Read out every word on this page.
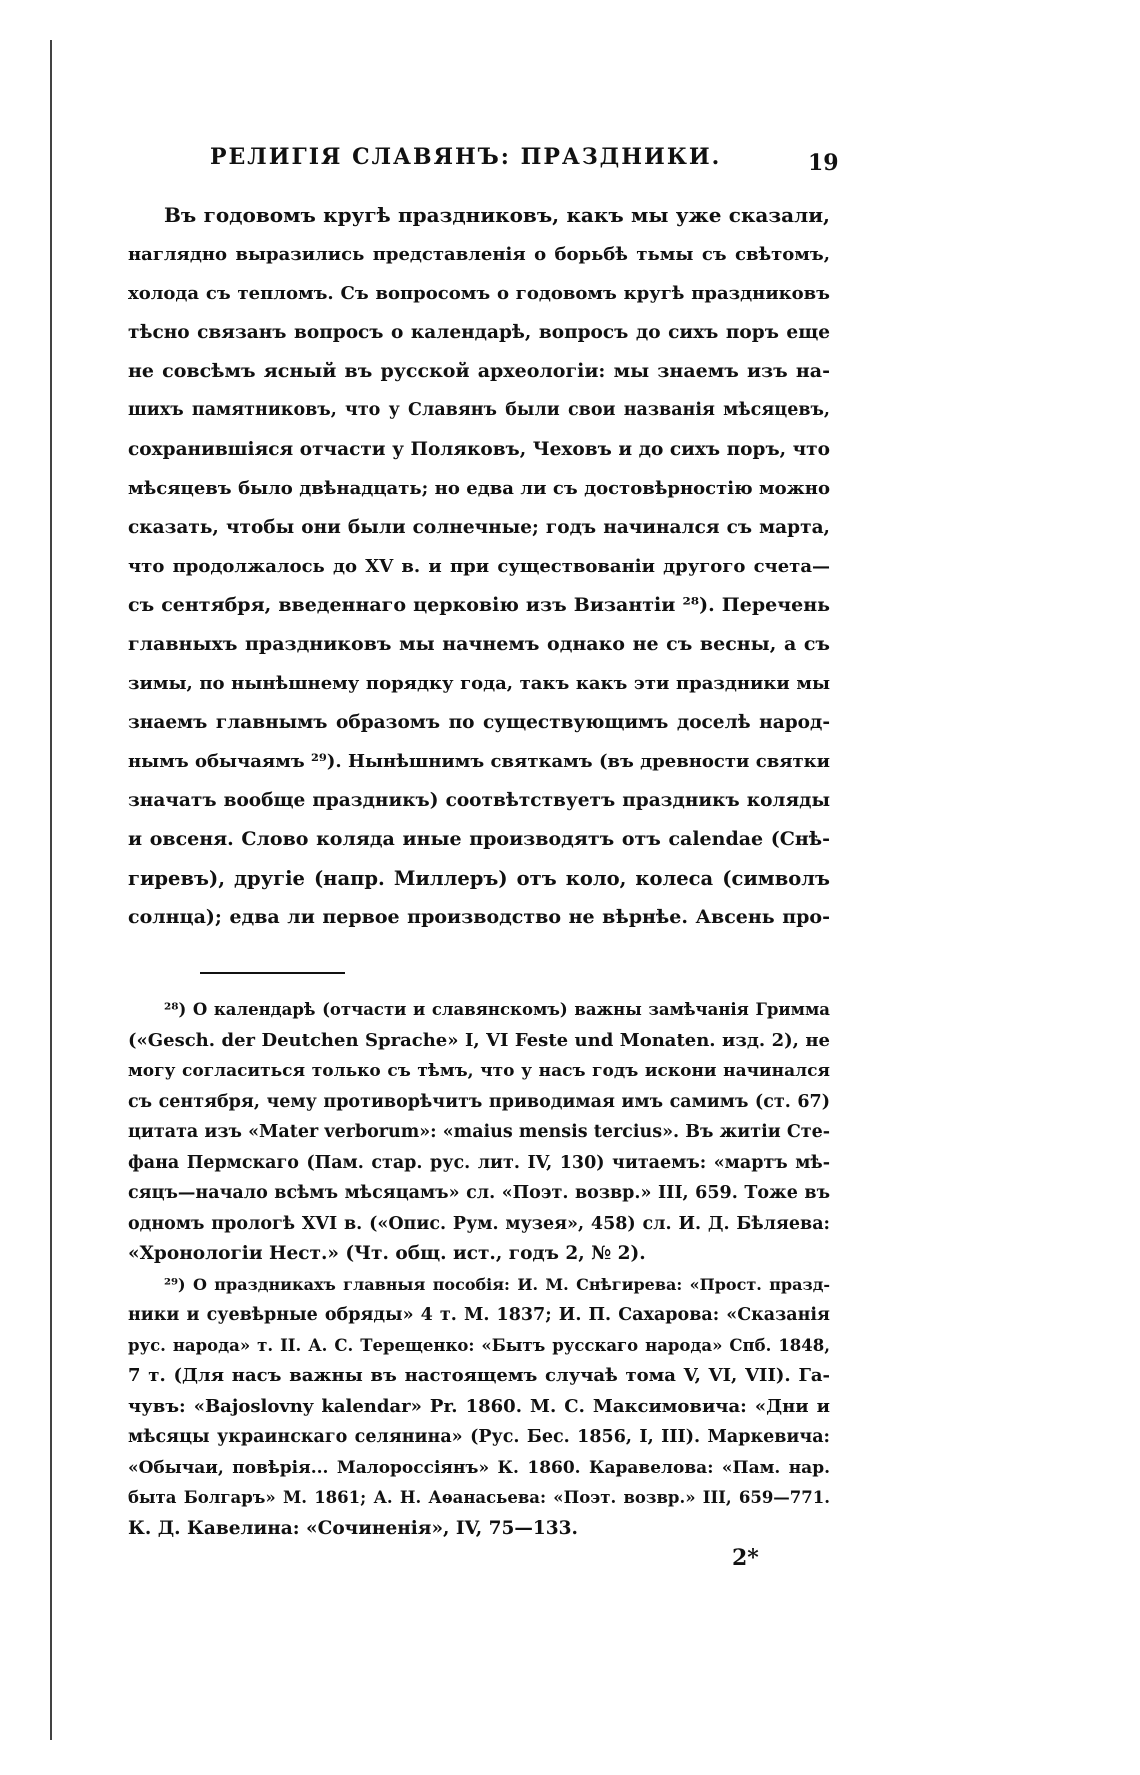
РЕЛИГІЯ СЛАВЯНЪ: ПРАЗДНИКИ.	19
Въ годовомъ кругѣ праздниковъ, какъ мы уже сказали,
наглядно выразились представленія о борьбѣ тьмы съ свѣтомъ,
холода съ тепломъ. Съ вопросомъ о годовомъ кругѣ праздниковъ
тѣсно связанъ вопросъ о календарѣ, вопросъ до сихъ поръ еще
не совсѣмъ ясный въ русской археологіи: мы знаемъ изъ на-
шихъ памятниковъ, что у Славянъ были свои названія мѣсяцевъ,
сохранившіяся отчасти у Поляковъ, Чеховъ и до сихъ поръ, что
мѣсяцевъ было двѣнадцать; но едва ли съ достовѣрностію можно
сказать, чтобы они были солнечные; годъ начинался съ марта,
что продолжалось до XV в. и при существованіи другого счета—
съ сентября, введеннаго церковію изъ Византіи ²⁸). Перечень
главныхъ праздниковъ мы начнемъ однако не съ весны, а съ
зимы, по нынѣшнему порядку года, такъ какъ эти праздники мы
знаемъ главнымъ образомъ по существующимъ доселѣ народ-
нымъ обычаямъ ²⁹). Нынѣшнимъ святкамъ (въ древности святки
значатъ вообще праздникъ) соотвѣтствуетъ праздникъ коляды
и овсеня. Слово коляда иные производятъ отъ calendae (Снѣ-
гиревъ), другіе (напр. Миллеръ) отъ коло, колеса (символъ
солнца); едва ли первое производство не вѣрнѣе. Авсень про-
²⁸) О календарѣ (отчасти и славянскомъ) важны замѣчанія Гримма
(«Gesch. der Deutchen Sprache» I, VI Feste und Monaten. изд. 2), не
могу согласиться только съ тѣмъ, что у насъ годъ искони начинался
съ сентября, чему противорѣчитъ приводимая имъ самимъ (ст. 67)
цитата изъ «Mater verborum»: «maius mensis tercius». Въ житіи Сте-
фана Пермскаго (Пам. стар. рус. лит. IV, 130) читаемъ: «мартъ мѣ-
сяцъ—начало всѣмъ мѣсяцамъ» сл. «Поэт. возвр.» III, 659. Тоже въ
одномъ прологѣ XVI в. («Опис. Рум. музея», 458) сл. И. Д. Бѣляева:
«Хронологіи Нест.» (Чт. общ. ист., годъ 2, № 2).
²⁹) О праздникахъ главныя пособія: И. М. Снѣгирева: «Прост. празд-
ники и суевѣрные обряды» 4 т. М. 1837; И. П. Сахарова: «Сказанія
рус. народа» т. II. А. С. Терещенко: «Бытъ русскаго народа» Спб. 1848,
7 т. (Для насъ важны въ настоящемъ случаѣ тома V, VI, VII). Га-
чувъ: «Bajoslovny kalendar» Pr. 1860. М. С. Максимовича: «Дни и
мѣсяцы украинскаго селянина» (Рус. Бес. 1856, I, III). Маркевича:
«Обычаи, повѣрія... Малороссіянъ» К. 1860. Каравелова: «Пам. нар.
быта Болгаръ» М. 1861; А. Н. Аѳанасьева: «Поэт. возвр.» III, 659—771.
К. Д. Кавелина: «Сочиненія», IV, 75—133.
2*
